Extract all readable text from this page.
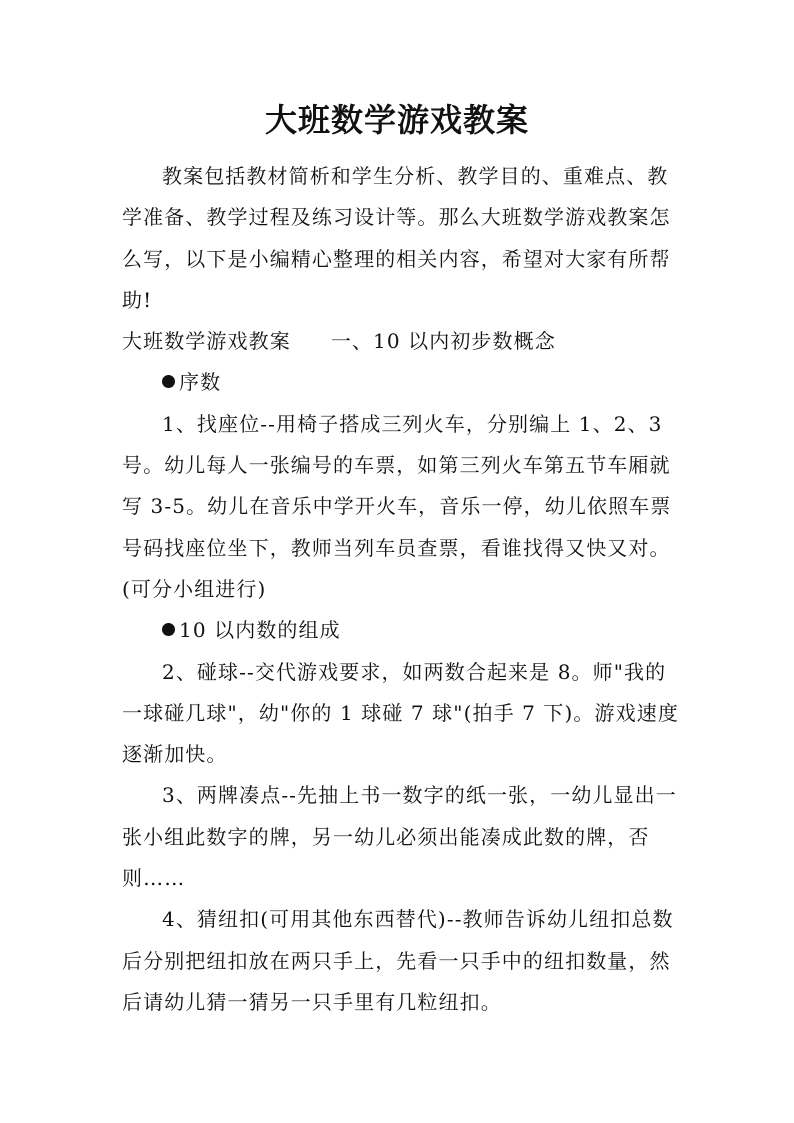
大班数学游戏教案

教案包括教材简析和学生分析、教学目的、重难点、教学准备、教学过程及练习设计等。那么大班数学游戏教案怎么写，以下是小编精心整理的相关内容，希望对大家有所帮助!

大班数学游戏教案 一、10 以内初步数概念

序数

1、找座位--用椅子搭成三列火车，分别编上 1、2、3 号。幼儿每人一张编号的车票，如第三列火车第五节车厢就写 3-5。幼儿在音乐中学开火车，音乐一停，幼儿依照车票号码找座位坐下，教师当列车员查票，看谁找得又快又对。(可分小组进行)

10 以内数的组成

2、碰球--交代游戏要求，如两数合起来是 8。师"我的一球碰几球"，幼"你的 1 球碰 7 球"(拍手 7 下)。游戏速度逐渐加快。

3、两牌凑点--先抽上书一数字的纸一张，一幼儿显出一张小组此数字的牌，另一幼儿必须出能凑成此数的牌，否则……

4、猜纽扣(可用其他东西替代)--教师告诉幼儿纽扣总数后分别把纽扣放在两只手上，先看一只手中的纽扣数量，然后请幼儿猜一猜另一只手里有几粒纽扣。
